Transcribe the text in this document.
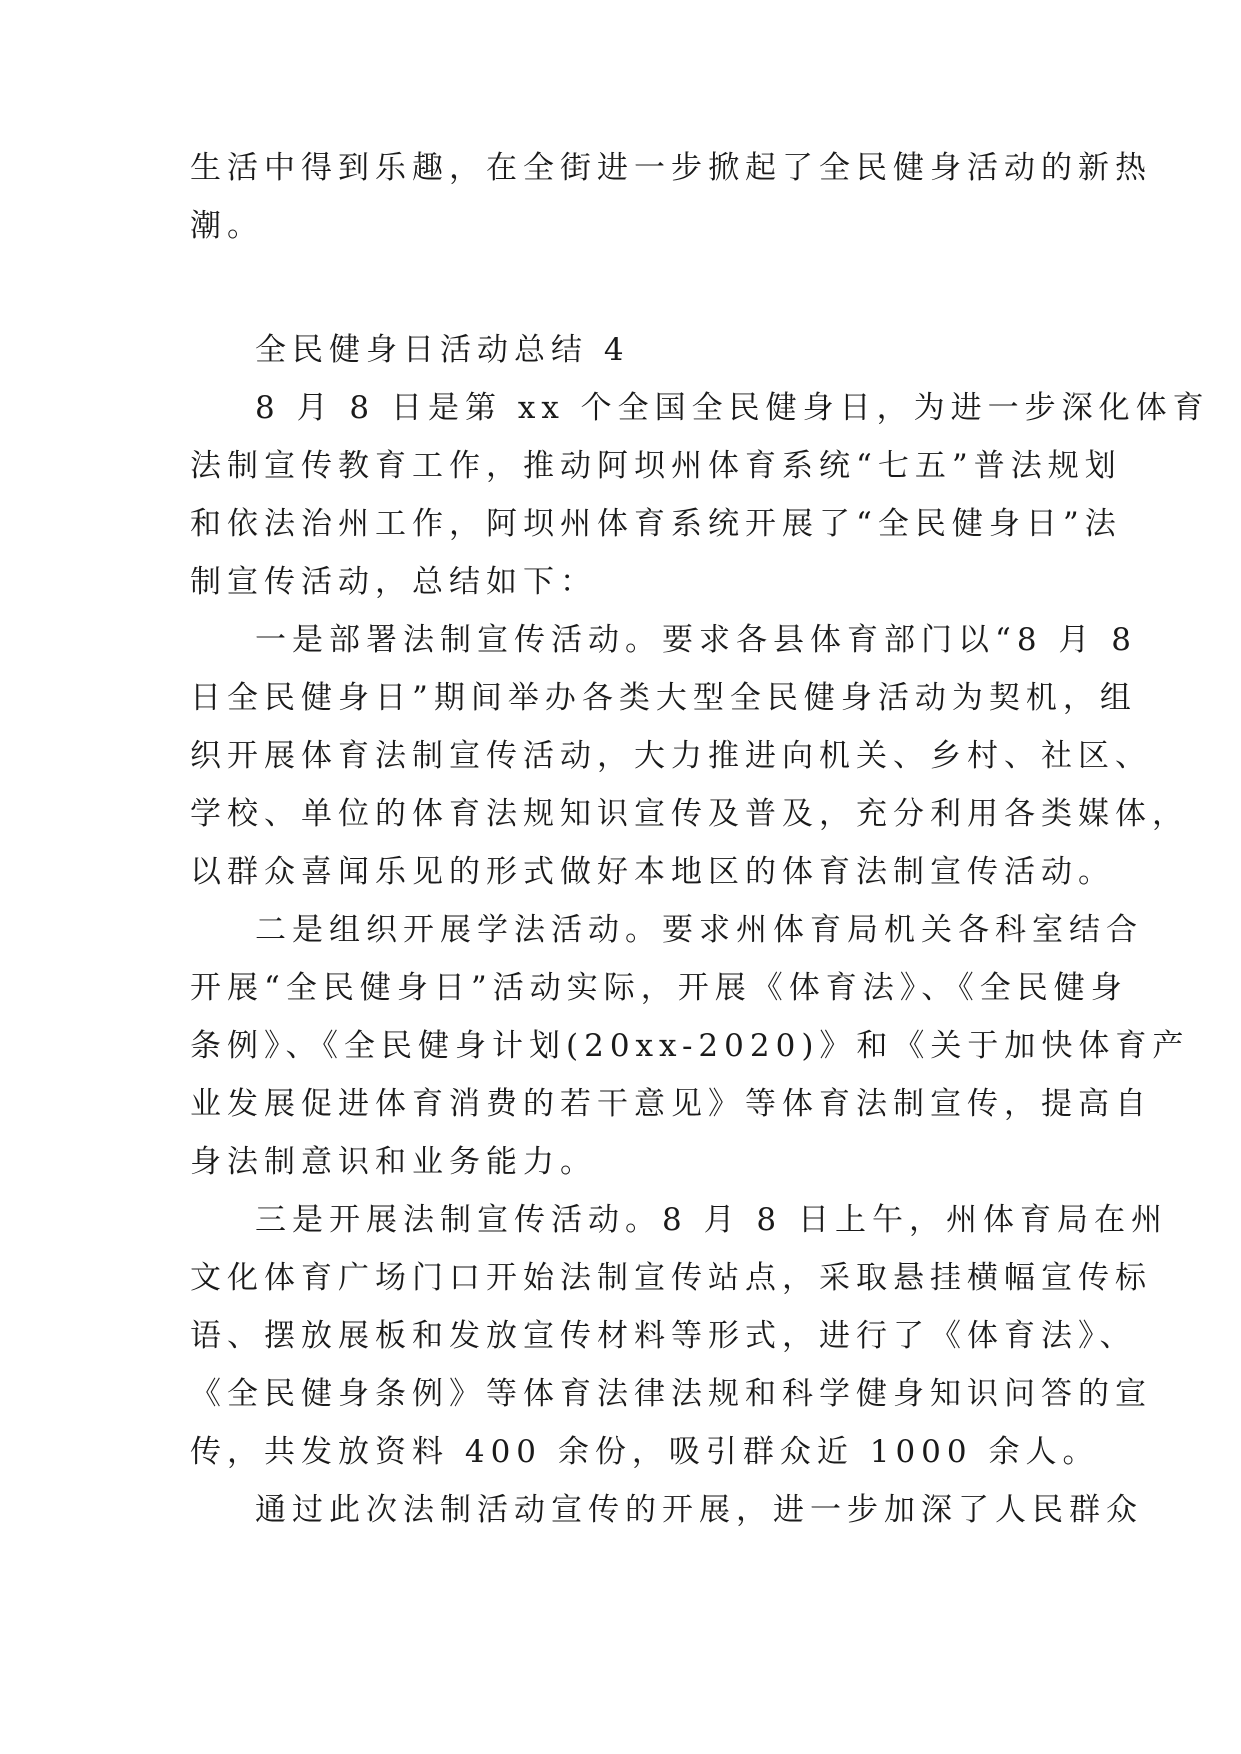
生活中得到乐趣，在全街进一步掀起了全民健身活动的新热
潮。
全民健身日活动总结 4
8 月 8 日是第 xx 个全国全民健身日，为进一步深化体育
法制宣传教育工作，推动阿坝州体育系统“七五”普法规划
和依法治州工作，阿坝州体育系统开展了“全民健身日”法
制宣传活动，总结如下：
一是部署法制宣传活动。要求各县体育部门以“8 月 8
日全民健身日”期间举办各类大型全民健身活动为契机，组
织开展体育法制宣传活动，大力推进向机关、乡村、社区、
学校、单位的体育法规知识宣传及普及，充分利用各类媒体，
以群众喜闻乐见的形式做好本地区的体育法制宣传活动。
二是组织开展学法活动。要求州体育局机关各科室结合
开展“全民健身日”活动实际，开展《体育法》、《全民健身
条例》、《全民健身计划(20xx-2020)》和《关于加快体育产
业发展促进体育消费的若干意见》等体育法制宣传，提高自
身法制意识和业务能力。
三是开展法制宣传活动。8 月 8 日上午，州体育局在州
文化体育广场门口开始法制宣传站点，采取悬挂横幅宣传标
语、摆放展板和发放宣传材料等形式，进行了《体育法》、
《全民健身条例》等体育法律法规和科学健身知识问答的宣
传，共发放资料 400 余份，吸引群众近 1000 余人。
通过此次法制活动宣传的开展，进一步加深了人民群众
